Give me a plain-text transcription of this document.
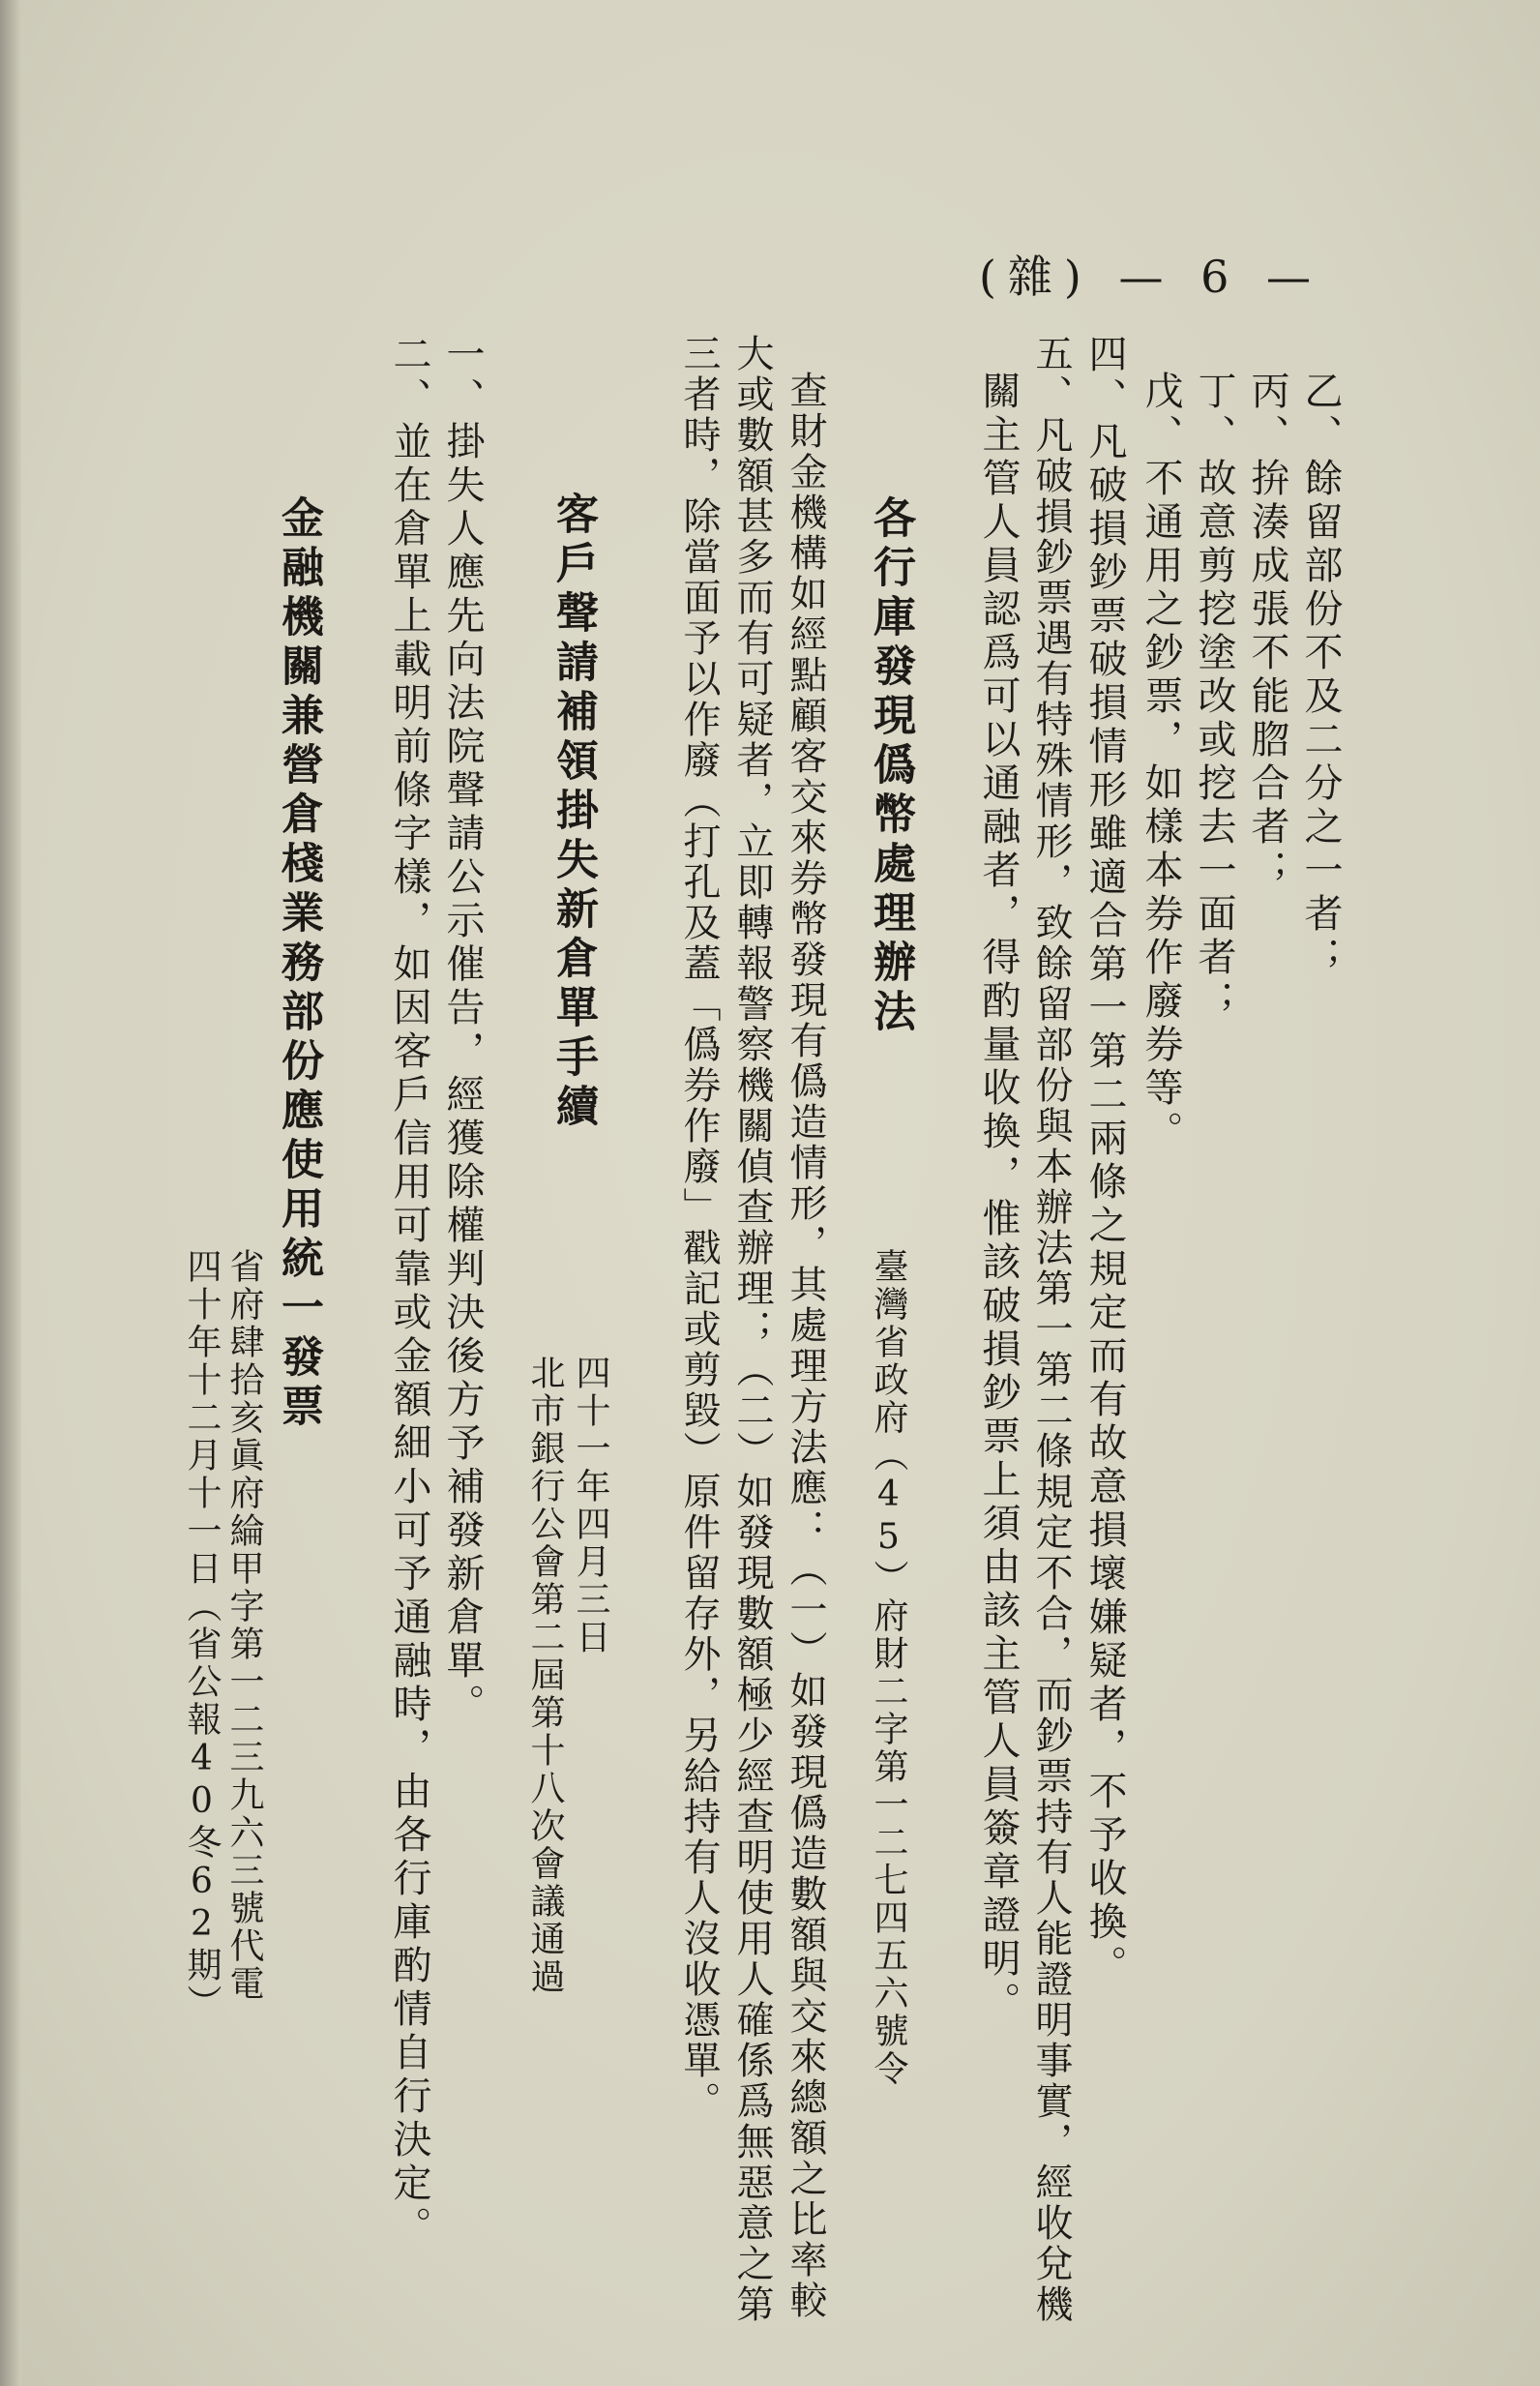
(雜) — 6 —
乙、餘留部份不及二分之一者；
丙、拚湊成張不能脗合者；
丁、故意剪挖塗改或挖去一面者；
戊、不通用之鈔票，如樣本券作廢券等。
四、凡破損鈔票破損情形雖適合第一第二兩條之規定而有故意損壞嫌疑者，不予收換。
五、凡破損鈔票遇有特殊情形，致餘留部份與本辦法第一第二條規定不合，而鈔票持有人能證明事實，經收兌機
關主管人員認爲可以通融者，得酌量收換，惟該破損鈔票上須由該主管人員簽章證明。
各行庫發現僞幣處理辦法
臺灣省政府（45）府財二字第一二七四五六號令
查財金機構如經點顧客交來券幣發現有僞造情形，其處理方法應：（一）如發現僞造數額與交來總額之比率較
大或數額甚多而有可疑者，立即轉報警察機關偵查辦理；（二）如發現數額極少經查明使用人確係爲無惡意之第
三者時，除當面予以作廢（打孔及蓋「僞券作廢」戳記或剪毀）原件留存外，另給持有人沒收憑單。
客戶聲請補領掛失新倉單手續
四十一年四月三日
北市銀行公會第二屆第十八次會議通過
一、掛失人應先向法院聲請公示催告，經獲除權判決後方予補發新倉單。
二、並在倉單上載明前條字樣，如因客戶信用可靠或金額細小可予通融時，由各行庫酌情自行決定。
金融機關兼營倉棧業務部份應使用統一發票
省府肆拾亥眞府綸甲字第一二三九六三號代電
四十年十二月十一日（省公報40冬62期）
